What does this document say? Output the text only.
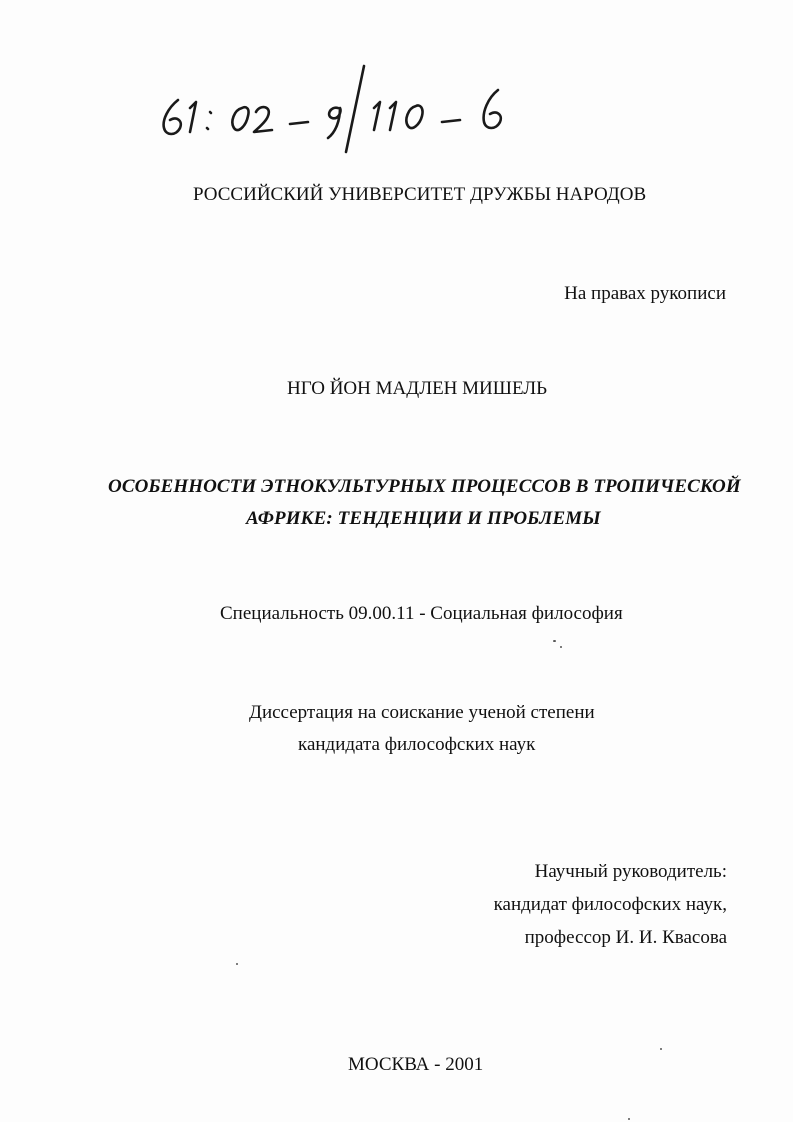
РОССИЙСКИЙ УНИВЕРСИТЕТ ДРУЖБЫ НАРОДОВ
На правах рукописи
НГО ЙОН МАДЛЕН МИШЕЛЬ
ОСОБЕННОСТИ ЭТНОКУЛЬТУРНЫХ ПРОЦЕССОВ В ТРОПИЧЕСКОЙ
АФРИКЕ: ТЕНДЕНЦИИ И ПРОБЛЕМЫ
Специальность 09.00.11 - Социальная философия
Диссертация на соискание ученой степени
кандидата философских наук
Научный руководитель:
кандидат философских наук,
профессор И. И. Квасова
МОСКВА - 2001
